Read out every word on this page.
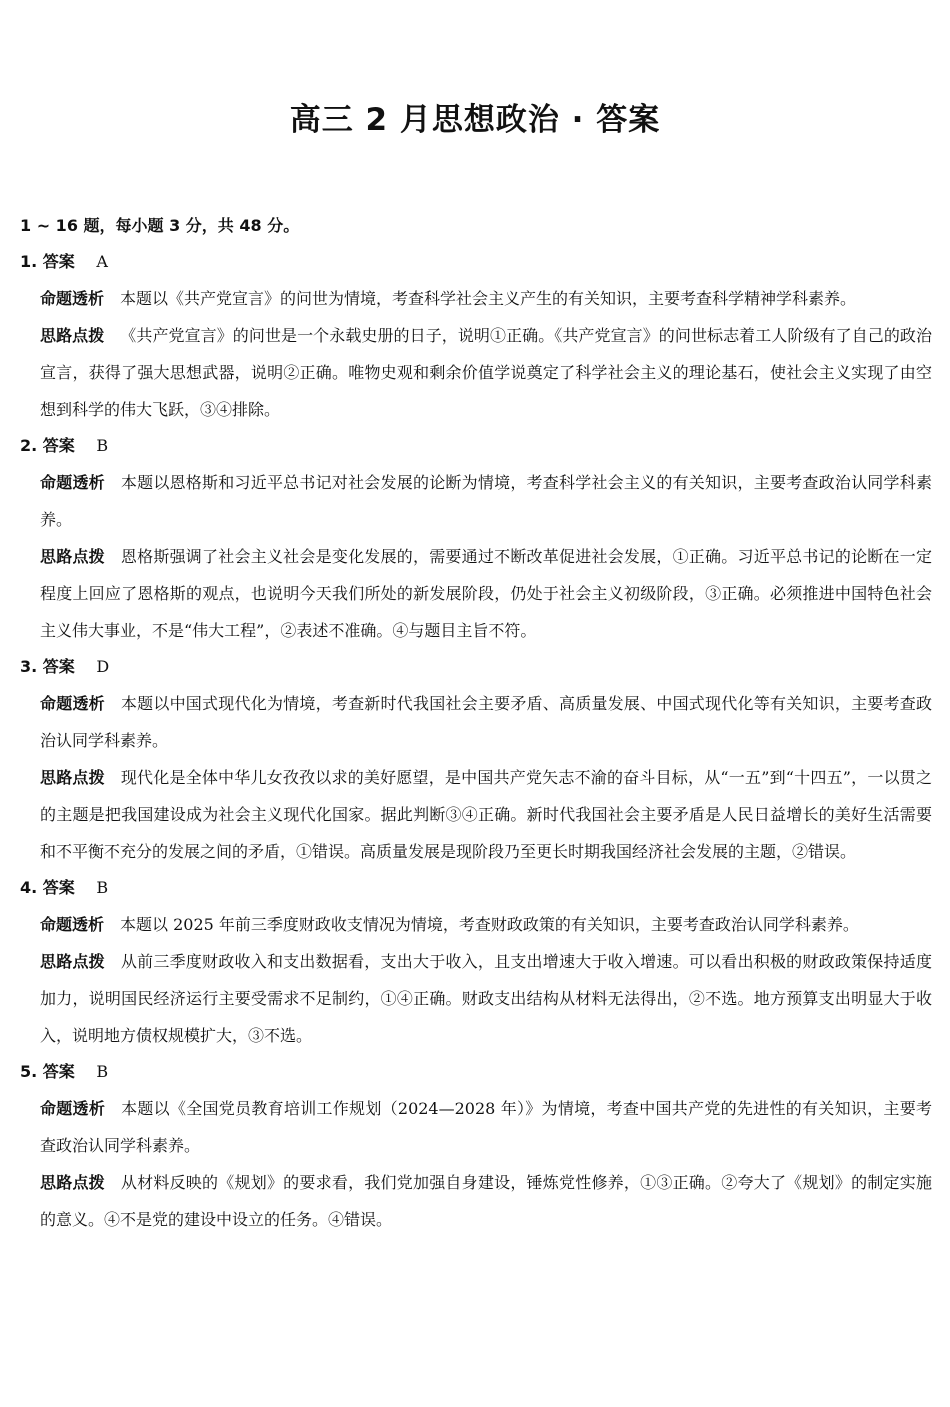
高三 2 月思想政治 · 答案
1 ~ 16 题，每小题 3 分，共 48 分。
1. 答案 A
命题透析 本题以《共产党宣言》的问世为情境，考查科学社会主义产生的有关知识，主要考查科学精神学科素养。
思路点拨 《共产党宣言》的问世是一个永载史册的日子，说明①正确。《共产党宣言》的问世标志着工人阶级有了自己的政治宣言，获得了强大思想武器，说明②正确。唯物史观和剩余价值学说奠定了科学社会主义的理论基石，使社会主义实现了由空想到科学的伟大飞跃，③④排除。
2. 答案 B
命题透析 本题以恩格斯和习近平总书记对社会发展的论断为情境，考查科学社会主义的有关知识，主要考查政治认同学科素养。
思路点拨 恩格斯强调了社会主义社会是变化发展的，需要通过不断改革促进社会发展，①正确。习近平总书记的论断在一定程度上回应了恩格斯的观点，也说明今天我们所处的新发展阶段，仍处于社会主义初级阶段，③正确。必须推进中国特色社会主义伟大事业，不是“伟大工程”，②表述不准确。④与题目主旨不符。
3. 答案 D
命题透析 本题以中国式现代化为情境，考查新时代我国社会主要矛盾、高质量发展、中国式现代化等有关知识，主要考查政治认同学科素养。
思路点拨 现代化是全体中华儿女孜孜以求的美好愿望，是中国共产党矢志不渝的奋斗目标，从“一五”到“十四五”，一以贯之的主题是把我国建设成为社会主义现代化国家。据此判断③④正确。新时代我国社会主要矛盾是人民日益增长的美好生活需要和不平衡不充分的发展之间的矛盾，①错误。高质量发展是现阶段乃至更长时期我国经济社会发展的主题，②错误。
4. 答案 B
命题透析 本题以 2025 年前三季度财政收支情况为情境，考查财政政策的有关知识，主要考查政治认同学科素养。
思路点拨 从前三季度财政收入和支出数据看，支出大于收入，且支出增速大于收入增速。可以看出积极的财政政策保持适度加力，说明国民经济运行主要受需求不足制约，①④正确。财政支出结构从材料无法得出，②不选。地方预算支出明显大于收入，说明地方债权规模扩大，③不选。
5. 答案 B
命题透析 本题以《全国党员教育培训工作规划（2024—2028 年）》为情境，考查中国共产党的先进性的有关知识，主要考查政治认同学科素养。
思路点拨 从材料反映的《规划》的要求看，我们党加强自身建设，锤炼党性修养，①③正确。②夸大了《规划》的制定实施的意义。④不是党的建设中设立的任务。④错误。
